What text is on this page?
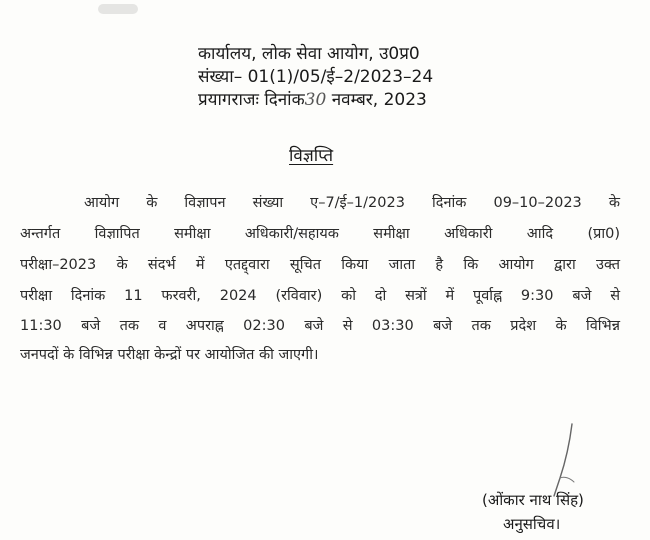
कार्यालय, लोक सेवा आयोग, उ0प्र0
संख्या– 01(1)/05/ई–2/2023–24
प्रयागराजः दिनांक30 नवम्बर, 2023
विज्ञप्ति
आयोग के विज्ञापन संख्या ए–7/ई–1/2023 दिनांक 09–10–2023 के
अन्तर्गत विज्ञापित समीक्षा अधिकारी/सहायक समीक्षा अधिकारी आदि (प्रा0)
परीक्षा–2023 के संदर्भ में एतद्द्वारा सूचित किया जाता है कि आयोग द्वारा उक्त
परीक्षा दिनांक 11 फरवरी, 2024 (रविवार) को दो सत्रों में पूर्वाह्न 9:30 बजे से
11:30 बजे तक व अपराह्न 02:30 बजे से 03:30 बजे तक प्रदेश के विभिन्न
जनपदों के विभिन्न परीक्षा केन्द्रों पर आयोजित की जाएगी।
(ओंकार नाथ सिंह)
अनुसचिव।
